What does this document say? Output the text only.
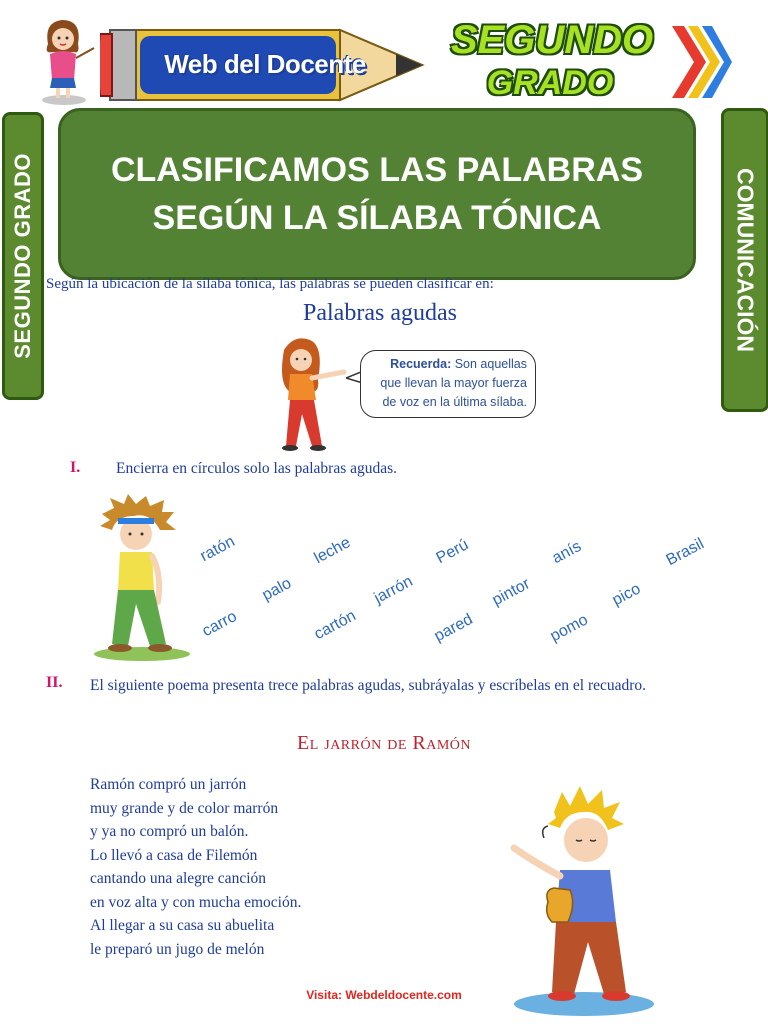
Web del Docente
SEGUNDO
GRADO
SEGUNDO GRADO	COMUNICACIÓN
CLASIFICAMOS LAS PALABRAS SEGÚN LA SÍLABA TÓNICA
Según la ubicación de la sílaba tónica, las palabras se pueden clasificar en:
Palabras agudas
Recuerda: Son aquellas
que llevan la mayor fuerza
de voz en la última sílaba.
I. Encierra en círculos solo las palabras agudas.
ratón
carro
palo
leche
cartón
jarrón
Perú
pared
pintor
anís
pomo
pico
Brasil
II. El siguiente poema presenta trece palabras agudas, subráyalas y escríbelas en el recuadro.
El jarrón de Ramón
Ramón compró un jarrón
muy grande y de color marrón
y ya no compró un balón.
Lo llevó a casa de Filemón
cantando una alegre canción
en voz alta y con mucha emoción.
Al llegar a su casa su abuelita
le preparó un jugo de melón
Visita: Webdeldocente.com
